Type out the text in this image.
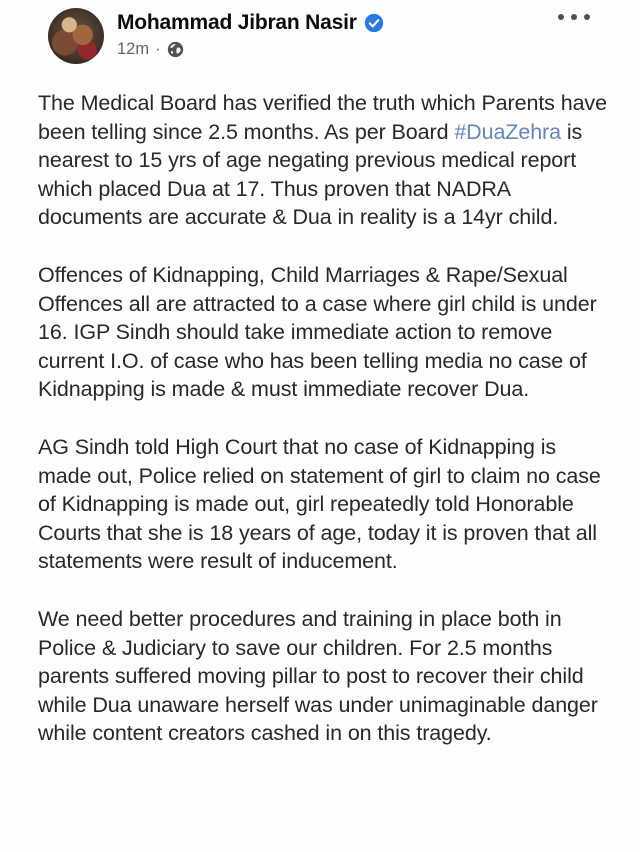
Mohammad Jibran Nasir
12m ·

The Medical Board has verified the truth which Parents have been telling since 2.5 months. As per Board #DuaZehra is nearest to 15 yrs of age negating previous medical report which placed Dua at 17. Thus proven that NADRA documents are accurate & Dua in reality is a 14yr child.

Offences of Kidnapping, Child Marriages & Rape/Sexual Offences all are attracted to a case where girl child is under 16. IGP Sindh should take immediate action to remove current I.O. of case who has been telling media no case of Kidnapping is made & must immediate recover Dua.

AG Sindh told High Court that no case of Kidnapping is made out, Police relied on statement of girl to claim no case of Kidnapping is made out, girl repeatedly told Honorable Courts that she is 18 years of age, today it is proven that all statements were result of inducement.

We need better procedures and training in place both in Police & Judiciary to save our children. For 2.5 months parents suffered moving pillar to post to recover their child while Dua unaware herself was under unimaginable danger while content creators cashed in on this tragedy.
